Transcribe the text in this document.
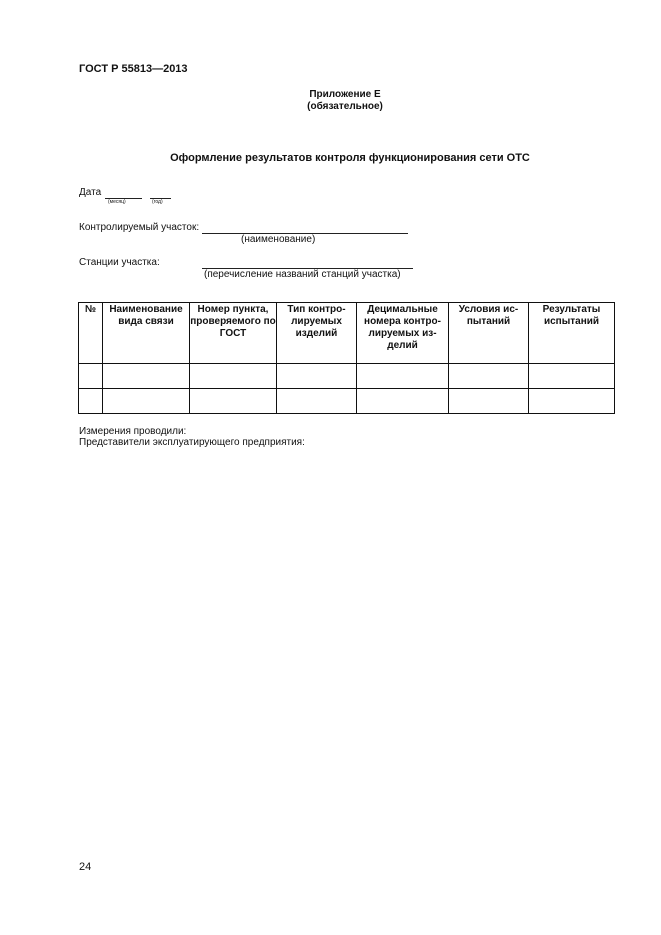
ГОСТ Р 55813—2013
Приложение Е
(обязательное)
Оформление результатов контроля функционирования сети ОТС
Дата
(месяц)	(год)
Контролируемый участок:
(наименование)
Станции участка:
(перечисление названий станций участка)
№	Наименование вида связи	Номер пункта, проверяемого по ГОСТ	Тип контро-лируемых изделий	Децимальные номера контро-лируемых из-делий	Условия ис-пытаний	Результаты испытаний

Измерения проводили:
Представители эксплуатирующего предприятия:
24
